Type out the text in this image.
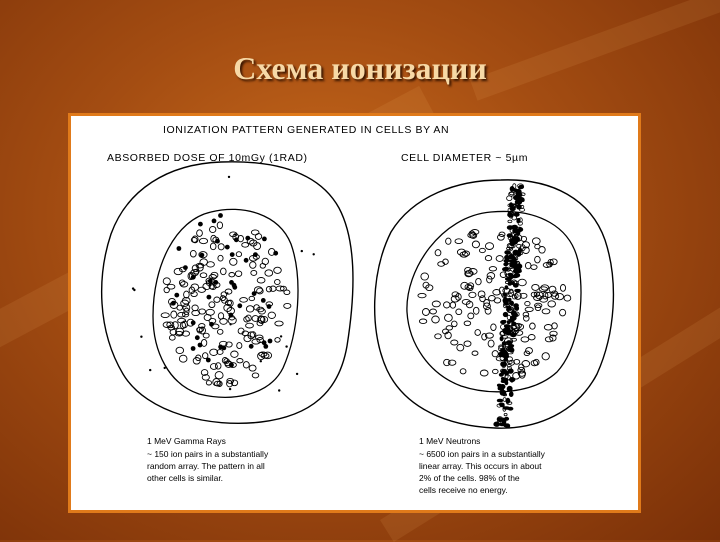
Схема ионизации
IONIZATION PATTERN GENERATED IN CELLS BY AN
ABSORBED DOSE OF 10mGy (1RAD)	CELL DIAMETER ~ 5µm
1 MeV Gamma Rays
~ 150 ion pairs in a substantially
random array. The pattern in all
other cells is similar.
1 MeV Neutrons
~ 6500 ion pairs in a substantially
linear array. This occurs in about
2% of the cells. 98% of the
cells receive no energy.
